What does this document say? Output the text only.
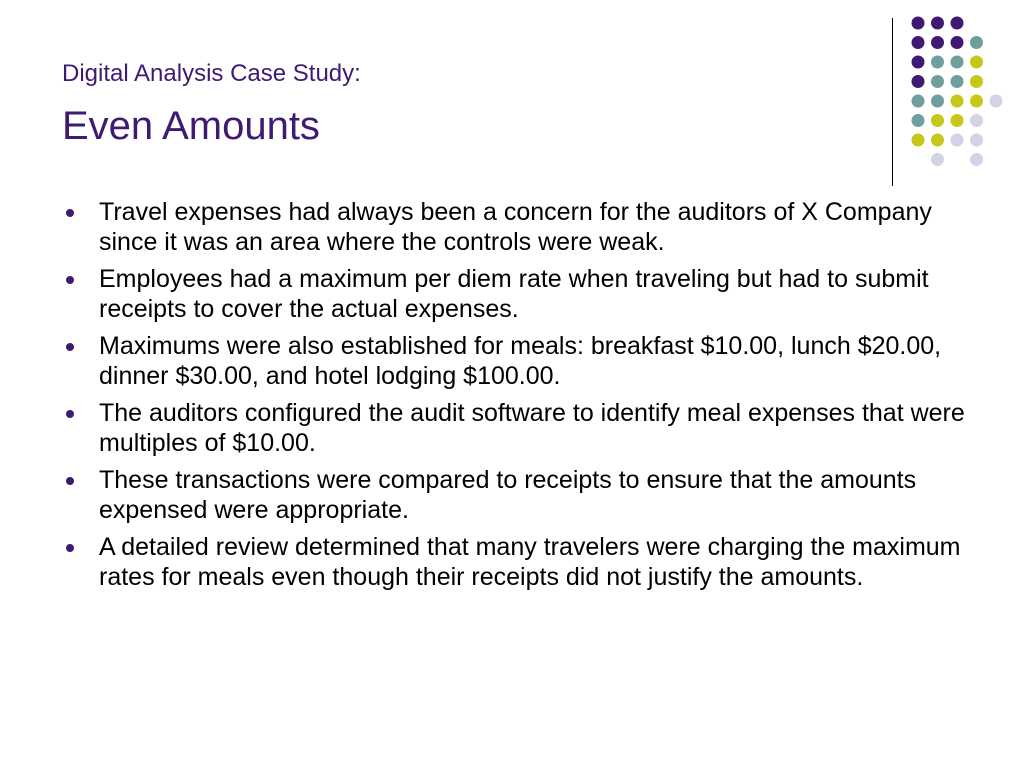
Digital Analysis Case Study:
Even Amounts
Travel expenses had always been a concern for the auditors of X Company since it was an area where the controls were weak.
Employees had a maximum per diem rate when traveling but had to submit receipts to cover the actual expenses.
Maximums were also established for meals: breakfast $10.00, lunch $20.00, dinner $30.00, and hotel lodging $100.00.
The auditors configured the audit software to identify meal expenses that were multiples of $10.00.
These transactions were compared to receipts to ensure that the amounts expensed were appropriate.
A detailed review determined that many travelers were charging the maximum rates for meals even though their receipts did not justify the amounts.
